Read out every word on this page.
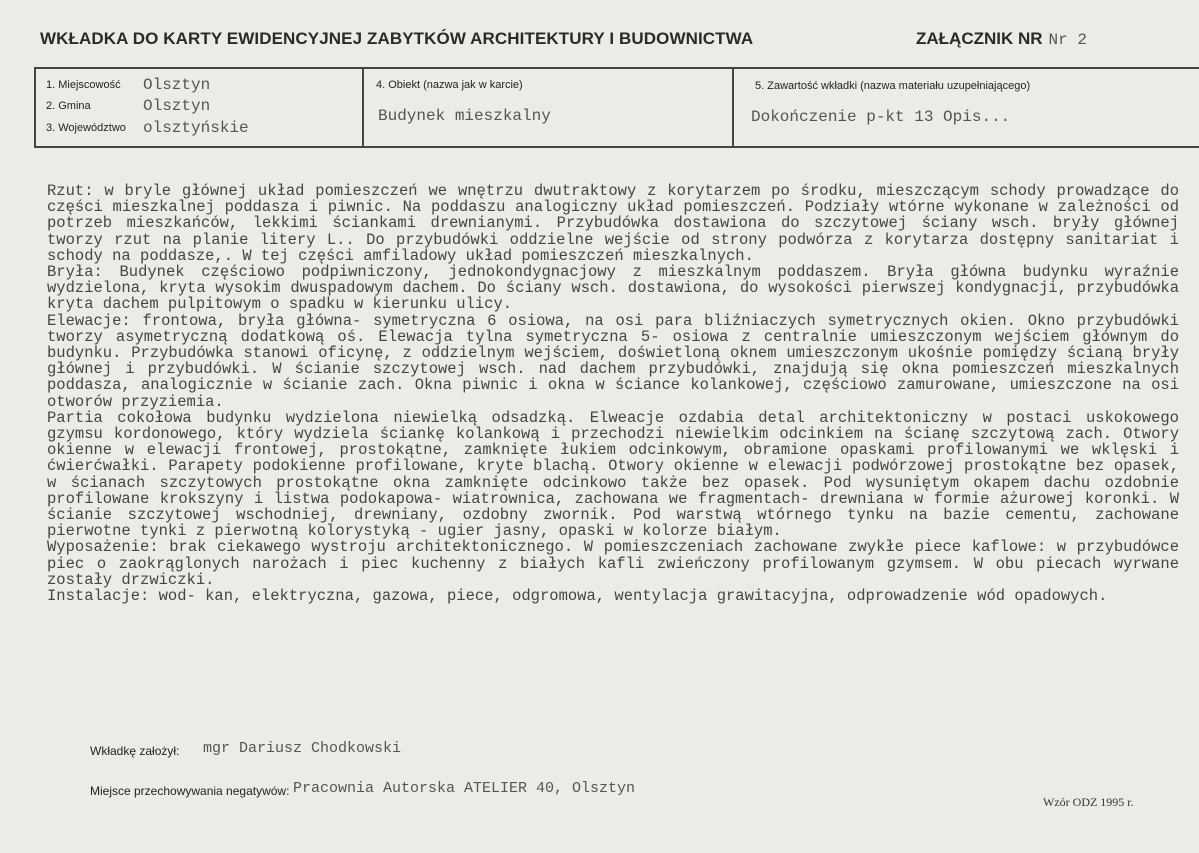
WKŁADKA DO KARTY EWIDENCYJNEJ ZABYTKÓW ARCHITEKTURY I BUDOWNICTWA	ZAŁĄCZNIK NR Nr 2
1. Miejscowość Olsztyn
2. Gmina	Olsztyn
3. Województwo olsztyńskie
4. Obiekt (nazwa jak w karcie)
Budynek mieszkalny
5. Zawartość wkładki (nazwa materiału uzupełniającego)
Dokończenie p-kt 13 Opis...

Rzut: w bryle głównej układ pomieszczeń we wnętrzu dwutraktowy z korytarzem po środku, mieszczącym schody prowadzące do części mieszkalnej poddasza i piwnic. Na poddaszu analogiczny układ pomieszczeń. Podziały wtórne wykonane w zależności od potrzeb mieszkańców, lekkimi ściankami drewnianymi. Przybudówka dostawiona do szczytowej ściany wsch. bryły głównej tworzy rzut na planie litery L.. Do przybudówki oddzielne wejście od strony podwórza z korytarza dostępny sanitariat i schody na poddasze,. W tej części amfiladowy układ pomieszczeń mieszkalnych.

Bryła: Budynek częściowo podpiwniczony, jednokondygnacjowy z mieszkalnym poddaszem. Bryła główna budynku wyraźnie wydzielona, kryta wysokim dwuspadowym dachem. Do ściany wsch. dostawiona, do wysokości pierwszej kondygnacji, przybudówka kryta dachem pulpitowym o spadku w kierunku ulicy.

Elewacje: frontowa, bryła główna- symetryczna 6 osiowa, na osi para bliźniaczych symetrycznych okien. Okno przybudówki tworzy asymetryczną dodatkową oś. Elewacja tylna symetryczna 5- osiowa z centralnie umieszczonym wejściem głównym do budynku. Przybudówka stanowi oficynę, z oddzielnym wejściem, doświetloną oknem umieszczonym ukośnie pomiędzy ścianą bryły głównej i przybudówki. W ścianie szczytowej wsch. nad dachem przybudówki, znajdują się okna pomieszczeń mieszkalnych poddasza, analogicznie w ścianie zach. Okna piwnic i okna w ściance kolankowej, częściowo zamurowane, umieszczone na osi otworów przyziemia.

Partia cokołowa budynku wydzielona niewielką odsadzką. Elweacje ozdabia detal architektoniczny w postaci uskokowego gzymsu kordonowego, który wydziela ściankę kolankową i przechodzi niewielkim odcinkiem na ścianę szczytową zach. Otwory okienne w elewacji frontowej, prostokątne, zamknięte łukiem odcinkowym, obramione opaskami profilowanymi we wklęski i ćwierćwałki. Parapety podokienne profilowane, kryte blachą. Otwory okienne w elewacji podwórzowej prostokątne bez opasek, w ścianach szczytowych prostokątne okna zamknięte odcinkowo także bez opasek. Pod wysuniętym okapem dachu ozdobnie profilowane krokszyny i listwa podokapowa- wiatrownica, zachowana we fragmentach- drewniana w formie ażurowej koronki. W ścianie szczytowej wschodniej, drewniany, ozdobny zwornik. Pod warstwą wtórnego tynku na bazie cementu, zachowane pierwotne tynki z pierwotną kolorystyką - ugier jasny, opaski w kolorze białym.

Wyposażenie: brak ciekawego wystroju architektonicznego. W pomieszczeniach zachowane zwykłe piece kaflowe: w przybudówce piec o zaokrąglonych narożach i piec kuchenny z białych kafli zwieńczony profilowanym gzymsem. W obu piecach wyrwane zostały drzwiczki.

Instalacje: wod- kan, elektryczna, gazowa, piece, odgromowa, wentylacja grawitacyjna, odprowadzenie wód opadowych.

Wkładkę założył: mgr Dariusz Chodkowski
Miejsce przechowywania negatywów: Pracownia Autorska ATELIER 40, Olsztyn
Wzór ODZ 1995 r.
